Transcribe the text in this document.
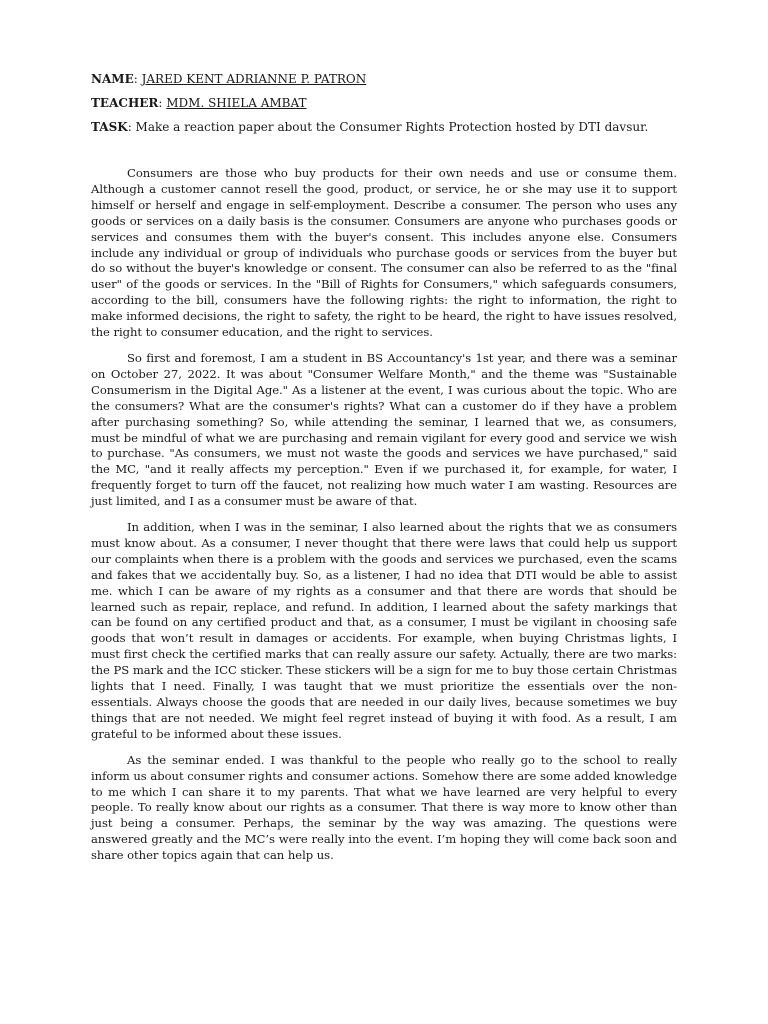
NAME: JARED KENT ADRIANNE P. PATRON
TEACHER: MDM. SHIELA AMBAT
TASK: Make a reaction paper about the Consumer Rights Protection hosted by DTI davsur.

Consumers are those who buy products for their own needs and use or consume them. Although a customer cannot resell the good, product, or service, he or she may use it to support himself or herself and engage in self-employment. Describe a consumer. The person who uses any goods or services on a daily basis is the consumer. Consumers are anyone who purchases goods or services and consumes them with the buyer's consent. This includes anyone else. Consumers include any individual or group of individuals who purchase goods or services from the buyer but do so without the buyer's knowledge or consent. The consumer can also be referred to as the "final user" of the goods or services. In the "Bill of Rights for Consumers," which safeguards consumers, according to the bill, consumers have the following rights: the right to information, the right to make informed decisions, the right to safety, the right to be heard, the right to have issues resolved, the right to consumer education, and the right to services.

So first and foremost, I am a student in BS Accountancy's 1st year, and there was a seminar on October 27, 2022. It was about "Consumer Welfare Month," and the theme was "Sustainable Consumerism in the Digital Age." As a listener at the event, I was curious about the topic. Who are the consumers? What are the consumer's rights? What can a customer do if they have a problem after purchasing something? So, while attending the seminar, I learned that we, as consumers, must be mindful of what we are purchasing and remain vigilant for every good and service we wish to purchase. "As consumers, we must not waste the goods and services we have purchased," said the MC, "and it really affects my perception." Even if we purchased it, for example, for water, I frequently forget to turn off the faucet, not realizing how much water I am wasting. Resources are just limited, and I as a consumer must be aware of that.

In addition, when I was in the seminar, I also learned about the rights that we as consumers must know about. As a consumer, I never thought that there were laws that could help us support our complaints when there is a problem with the goods and services we purchased, even the scams and fakes that we accidentally buy. So, as a listener, I had no idea that DTI would be able to assist me. which I can be aware of my rights as a consumer and that there are words that should be learned such as repair, replace, and refund. In addition, I learned about the safety markings that can be found on any certified product and that, as a consumer, I must be vigilant in choosing safe goods that won’t result in damages or accidents. For example, when buying Christmas lights, I must first check the certified marks that can really assure our safety. Actually, there are two marks: the PS mark and the ICC sticker. These stickers will be a sign for me to buy those certain Christmas lights that I need. Finally, I was taught that we must prioritize the essentials over the non-essentials. Always choose the goods that are needed in our daily lives, because sometimes we buy things that are not needed. We might feel regret instead of buying it with food. As a result, I am grateful to be informed about these issues.

As the seminar ended. I was thankful to the people who really go to the school to really inform us about consumer rights and consumer actions. Somehow there are some added knowledge to me which I can share it to my parents. That what we have learned are very helpful to every people. To really know about our rights as a consumer. That there is way more to know other than just being a consumer. Perhaps, the seminar by the way was amazing. The questions were answered greatly and the MC’s were really into the event. I’m hoping they will come back soon and share other topics again that can help us.
